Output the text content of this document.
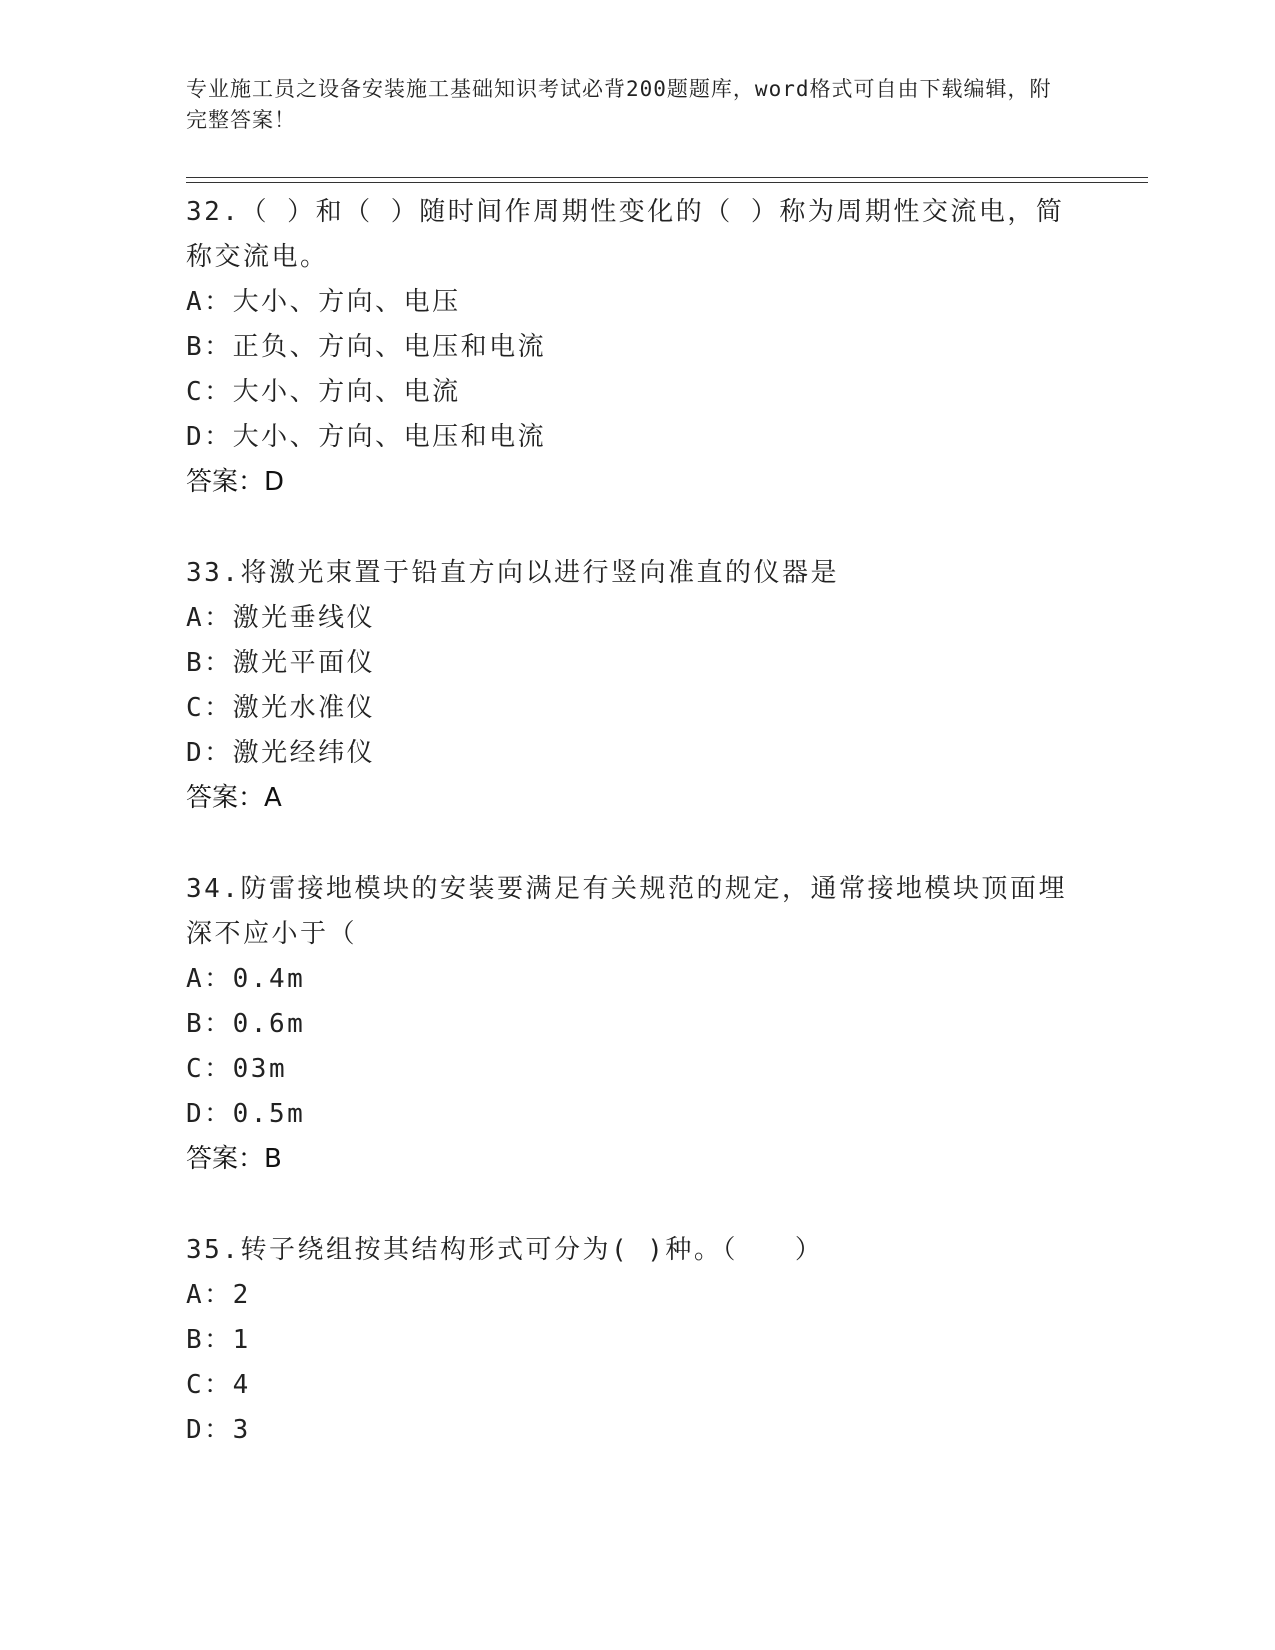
专业施工员之设备安装施工基础知识考试必背200题题库，word格式可自由下载编辑，附完整答案！

32.（ ）和（ ）随时间作周期性变化的（ ）称为周期性交流电，简称交流电。

A：大小、方向、电压

B：正负、方向、电压和电流

C：大小、方向、电流

D：大小、方向、电压和电流

答案：D

33.将激光束置于铅直方向以进行竖向准直的仪器是

A：激光垂线仪

B：激光平面仪

C：激光水准仪

D：激光经纬仪

答案：A

34.防雷接地模块的安装要满足有关规范的规定，通常接地模块顶面埋深不应小于（

A：0.4m

B：0.6m

C：03m

D：0.5m

答案：B

35.转子绕组按其结构形式可分为( )种。（　　）

A：2

B：1

C：4

D：3
